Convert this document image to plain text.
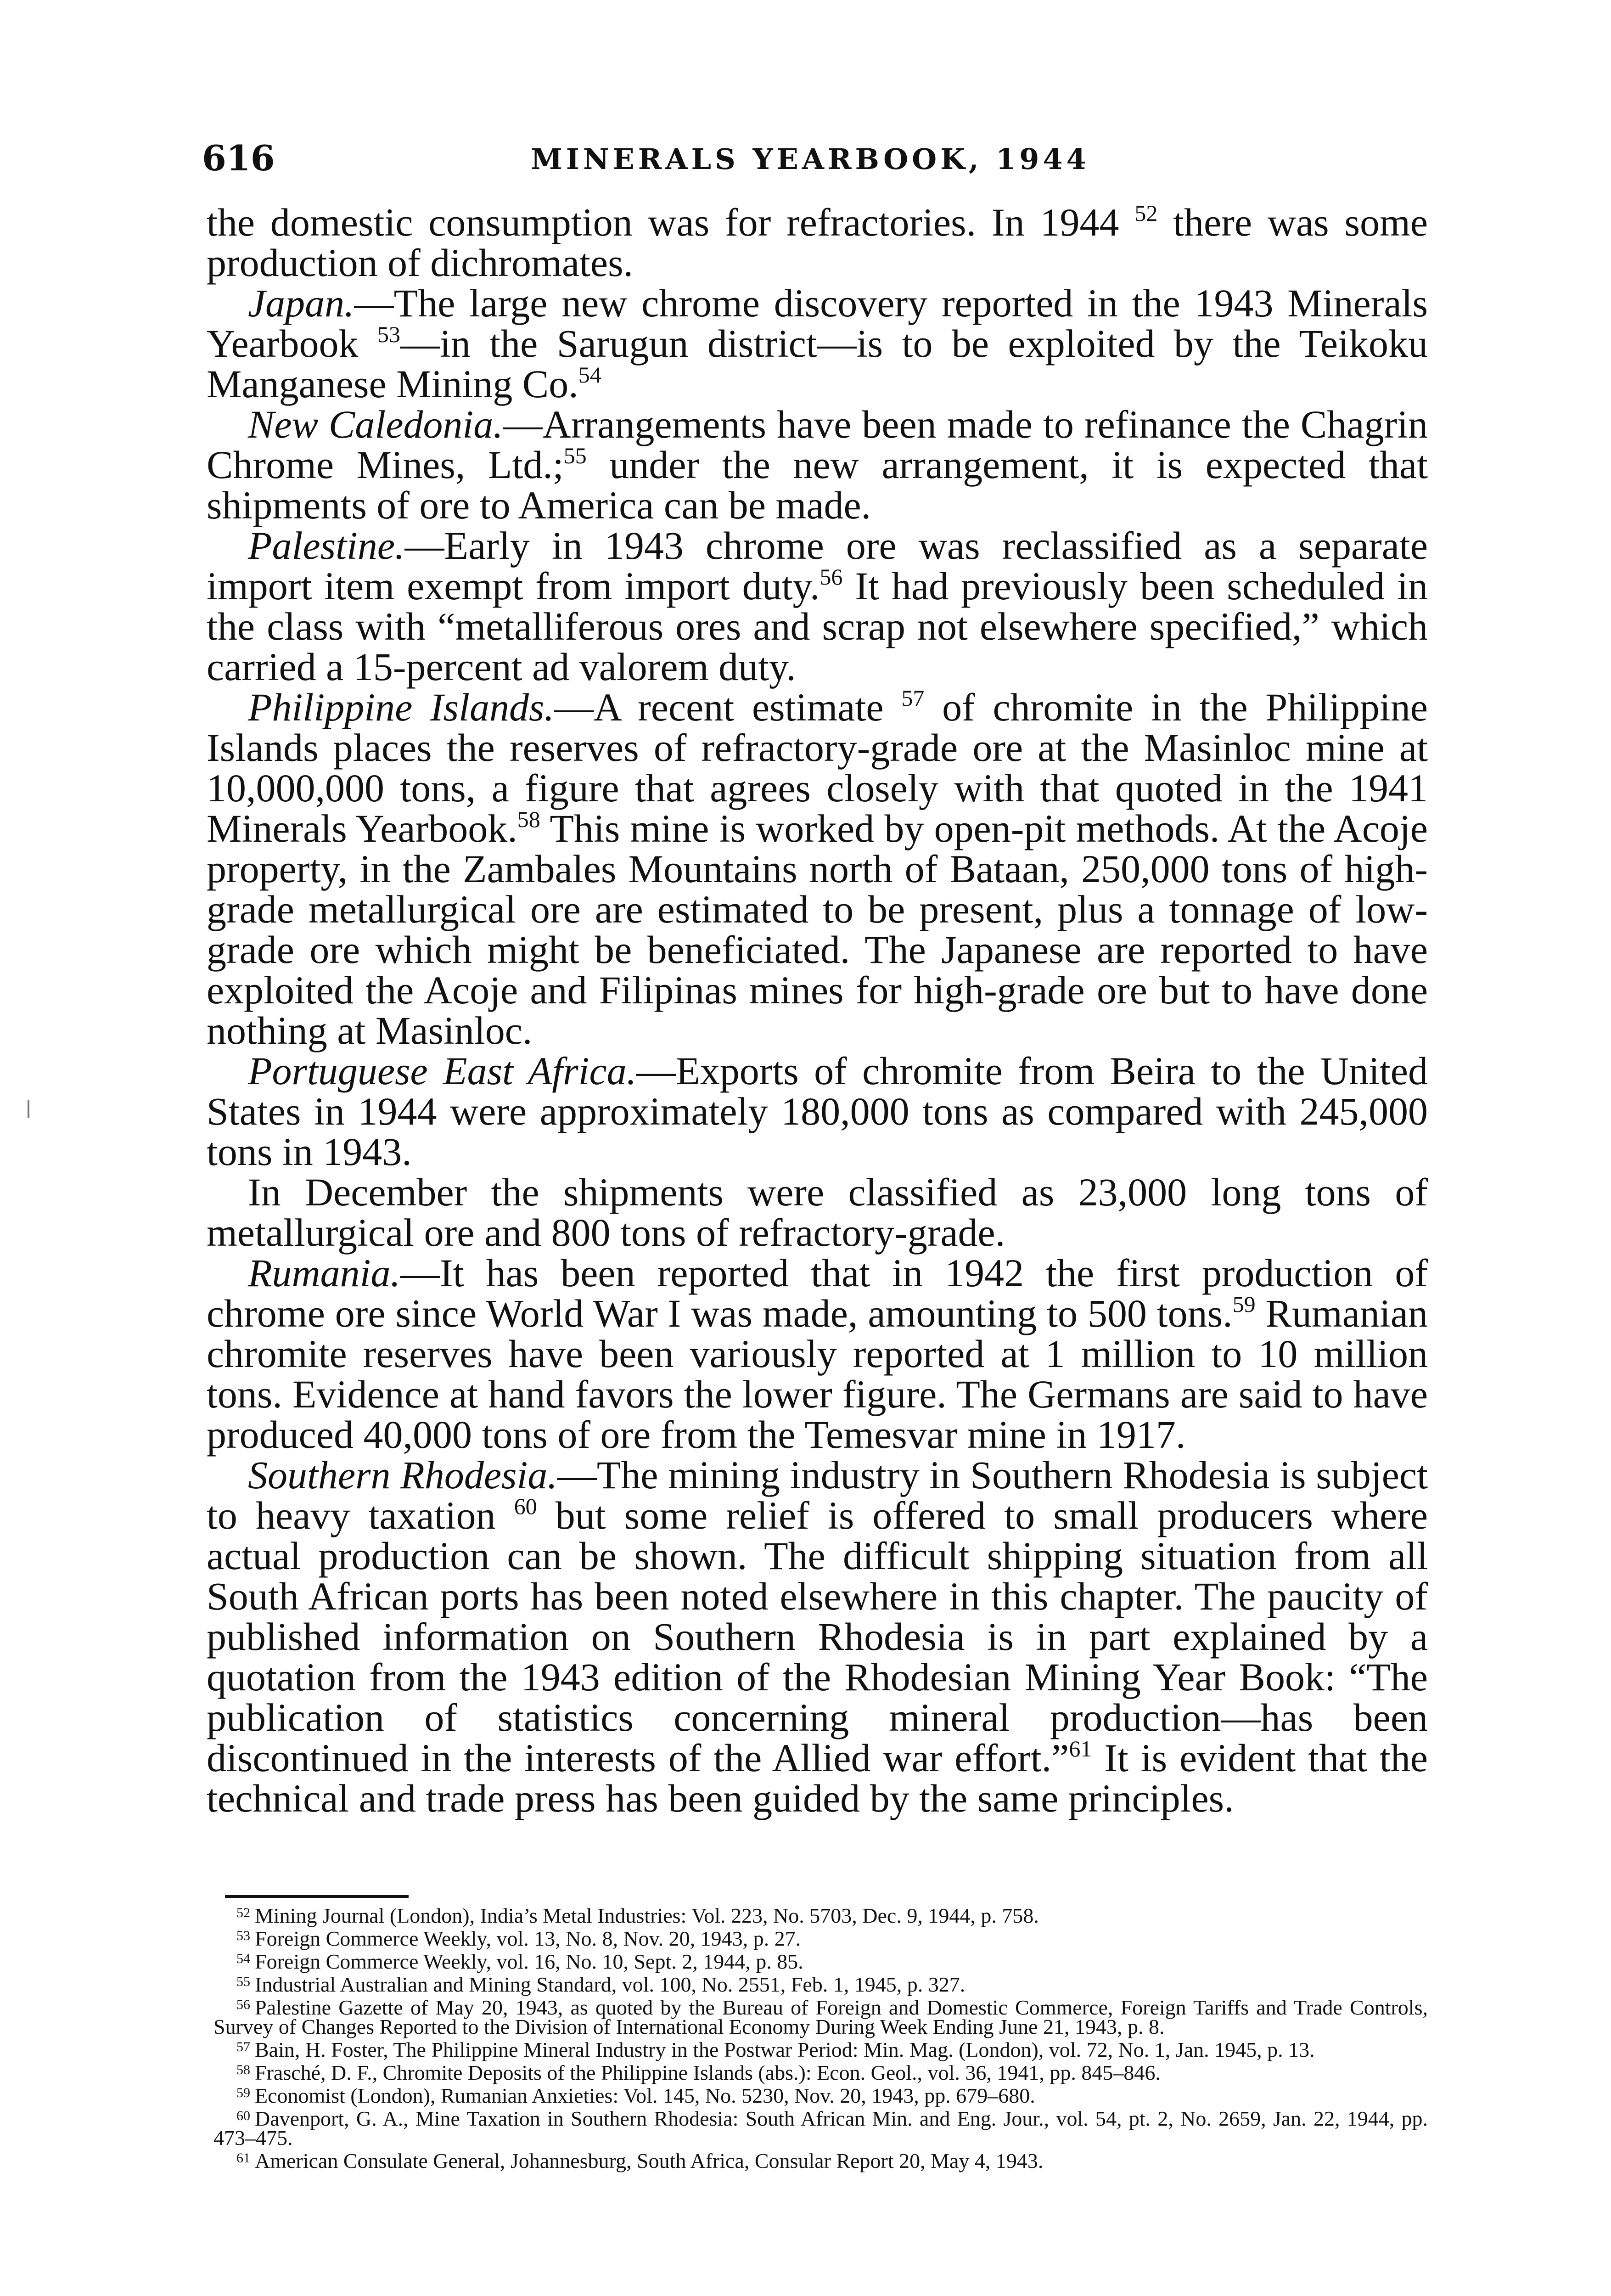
616	MINERALS YEARBOOK, 1944

the domestic consumption was for refractories. In 1944 $^{52}$ there was some production of dichromates.

Japan.—The large new chrome discovery reported in the 1943 Minerals Yearbook $^{53}$—in the Sarugun district—is to be exploited by the Teikoku Manganese Mining Co.$^{54}$

New Caledonia.—Arrangements have been made to refinance the Chagrin Chrome Mines, Ltd.;$^{55}$ under the new arrangement, it is expected that shipments of ore to America can be made.

Palestine.—Early in 1943 chrome ore was reclassified as a separate import item exempt from import duty.$^{56}$ It had previously been scheduled in the class with “metalliferous ores and scrap not elsewhere specified,” which carried a 15-percent ad valorem duty.

Philippine Islands.—A recent estimate $^{57}$ of chromite in the Philippine Islands places the reserves of refractory-grade ore at the Masinloc mine at 10,000,000 tons, a figure that agrees closely with that quoted in the 1941 Minerals Yearbook.$^{58}$ This mine is worked by open-pit methods. At the Acoje property, in the Zambales Mountains north of Bataan, 250,000 tons of high-grade metallurgical ore are estimated to be present, plus a tonnage of low-grade ore which might be beneficiated. The Japanese are reported to have exploited the Acoje and Filipinas mines for high-grade ore but to have done nothing at Masinloc.

Portuguese East Africa.—Exports of chromite from Beira to the United States in 1944 were approximately 180,000 tons as compared with 245,000 tons in 1943.

In December the shipments were classified as 23,000 long tons of metallurgical ore and 800 tons of refractory-grade.

Rumania.—It has been reported that in 1942 the first production of chrome ore since World War I was made, amounting to 500 tons.$^{59}$ Rumanian chromite reserves have been variously reported at 1 million to 10 million tons. Evidence at hand favors the lower figure. The Germans are said to have produced 40,000 tons of ore from the Temesvar mine in 1917.

Southern Rhodesia.—The mining industry in Southern Rhodesia is subject to heavy taxation $^{60}$ but some relief is offered to small producers where actual production can be shown. The difficult shipping situation from all South African ports has been noted elsewhere in this chapter. The paucity of published information on Southern Rhodesia is in part explained by a quotation from the 1943 edition of the Rhodesian Mining Year Book: “The publication of statistics concerning mineral production—has been discontinued in the interests of the Allied war effort.”$^{61}$ It is evident that the technical and trade press has been guided by the same principles.

$^{52}$ Mining Journal (London), India’s Metal Industries: Vol. 223, No. 5703, Dec. 9, 1944, p. 758.

$^{53}$ Foreign Commerce Weekly, vol. 13, No. 8, Nov. 20, 1943, p. 27.

$^{54}$ Foreign Commerce Weekly, vol. 16, No. 10, Sept. 2, 1944, p. 85.

$^{55}$ Industrial Australian and Mining Standard, vol. 100, No. 2551, Feb. 1, 1945, p. 327.

$^{56}$ Palestine Gazette of May 20, 1943, as quoted by the Bureau of Foreign and Domestic Commerce, Foreign Tariffs and Trade Controls, Survey of Changes Reported to the Division of International Economy During Week Ending June 21, 1943, p. 8.

$^{57}$ Bain, H. Foster, The Philippine Mineral Industry in the Postwar Period: Min. Mag. (London), vol. 72, No. 1, Jan. 1945, p. 13.

$^{58}$ Frasché, D. F., Chromite Deposits of the Philippine Islands (abs.): Econ. Geol., vol. 36, 1941, pp. 845–846.

$^{59}$ Economist (London), Rumanian Anxieties: Vol. 145, No. 5230, Nov. 20, 1943, pp. 679–680.

$^{60}$ Davenport, G. A., Mine Taxation in Southern Rhodesia: South African Min. and Eng. Jour., vol. 54, pt. 2, No. 2659, Jan. 22, 1944, pp. 473–475.

$^{61}$ American Consulate General, Johannesburg, South Africa, Consular Report 20, May 4, 1943.
